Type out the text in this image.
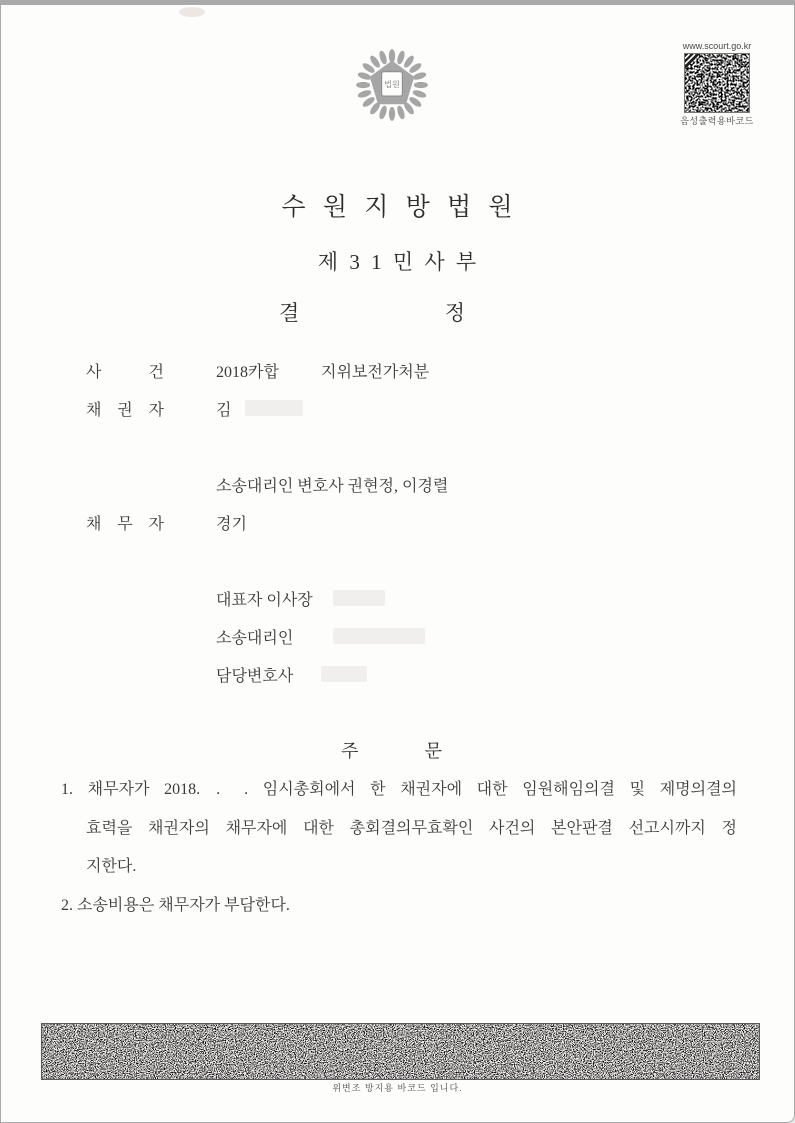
법원
www.scourt.go.kr
음성출력용바코드
수 원 지 방 법 원
제 3 1 민 사 부
결 정
사 건	2018카합	지위보전가처분
채 권 자	김
소송대리인 변호사 권현정, 이경렬
채 무 자	경기
대표자 이사장
소송대리인
담당변호사
주 문
1. 채무자가 2018.  .   . 임시총회에서 한 채권자에 대한 임원해임의결 및 제명의결의
효력을 채권자의 채무자에 대한 총회결의무효확인 사건의 본안판결 선고시까지 정
지한다.
2. 소송비용은 채무자가 부담한다.
위변조 방지용 바코드 입니다.
